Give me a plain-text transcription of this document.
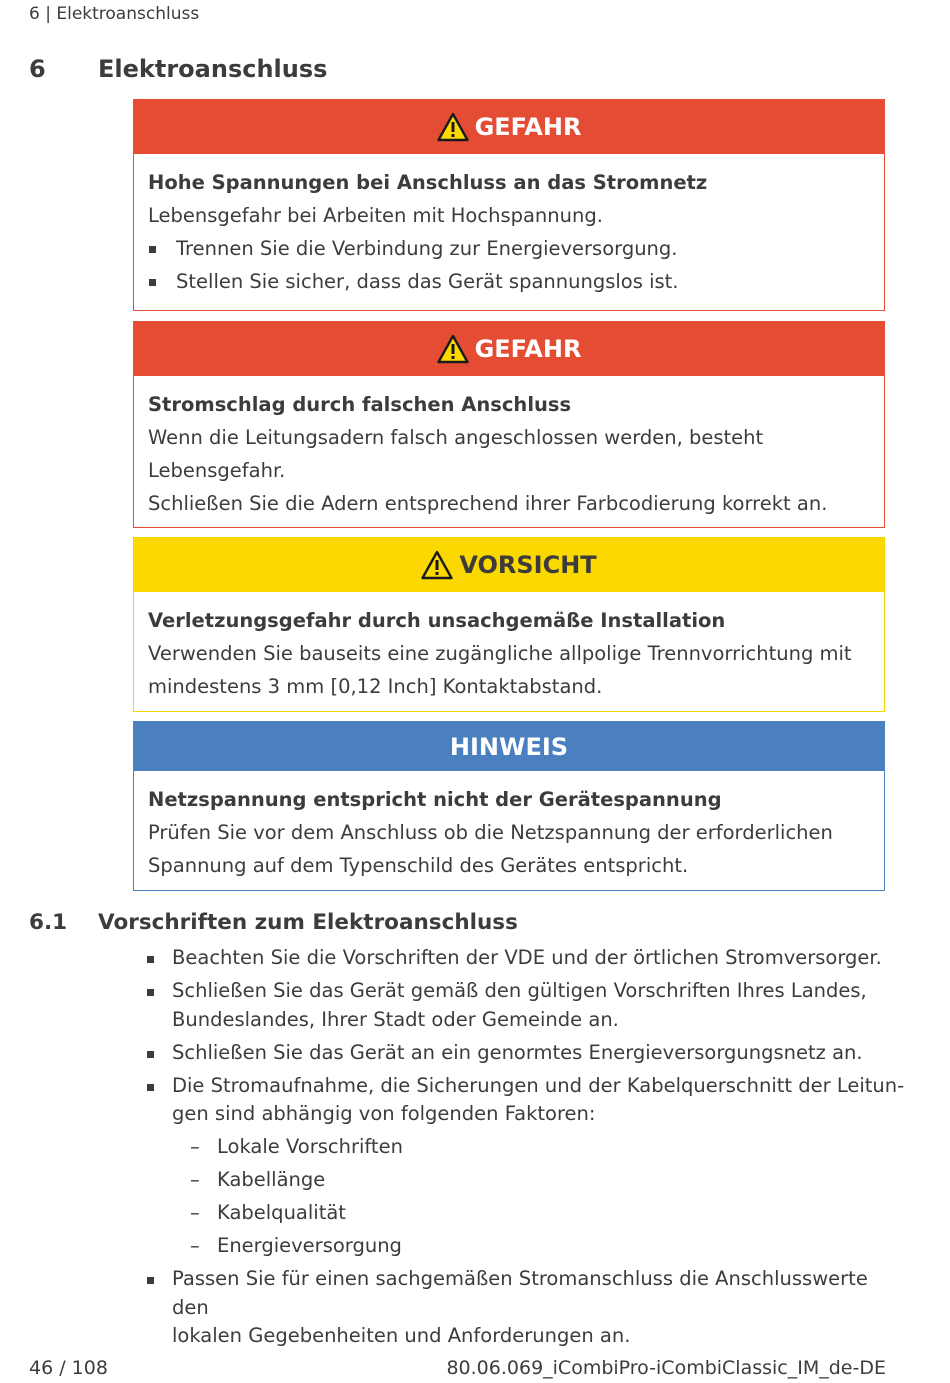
6 | Elektroanschluss
6 Elektroanschluss
GEFAHR
Hohe Spannungen bei Anschluss an das Stromnetz
Lebensgefahr bei Arbeiten mit Hochspannung.
Trennen Sie die Verbindung zur Energieversorgung.
Stellen Sie sicher, dass das Gerät spannungslos ist.
GEFAHR
Stromschlag durch falschen Anschluss
Wenn die Leitungsadern falsch angeschlossen werden, besteht
Lebensgefahr.
Schließen Sie die Adern entsprechend ihrer Farbcodierung korrekt an.
VORSICHT
Verletzungsgefahr durch unsachgemäße Installation
Verwenden Sie bauseits eine zugängliche allpolige Trennvorrichtung mit
mindestens 3 mm [0,12 Inch] Kontaktabstand.
HINWEIS
Netzspannung entspricht nicht der Gerätespannung
Prüfen Sie vor dem Anschluss ob die Netzspannung der erforderlichen
Spannung auf dem Typenschild des Gerätes entspricht.
6.1 Vorschriften zum Elektroanschluss
Beachten Sie die Vorschriften der VDE und der örtlichen Stromversorger.
Schließen Sie das Gerät gemäß den gültigen Vorschriften Ihres Landes,
Bundeslandes, Ihrer Stadt oder Gemeinde an.
Schließen Sie das Gerät an ein genormtes Energieversorgungsnetz an.
Die Stromaufnahme, die Sicherungen und der Kabelquerschnitt der Leitun-
gen sind abhängig von folgenden Faktoren:
– Lokale Vorschriften
– Kabellänge
– Kabelqualität
– Energieversorgung
Passen Sie für einen sachgemäßen Stromanschluss die Anschlusswerte den
lokalen Gegebenheiten und Anforderungen an.
46 / 108	80.06.069_iCombiPro-iCombiClassic_IM_de-DE
